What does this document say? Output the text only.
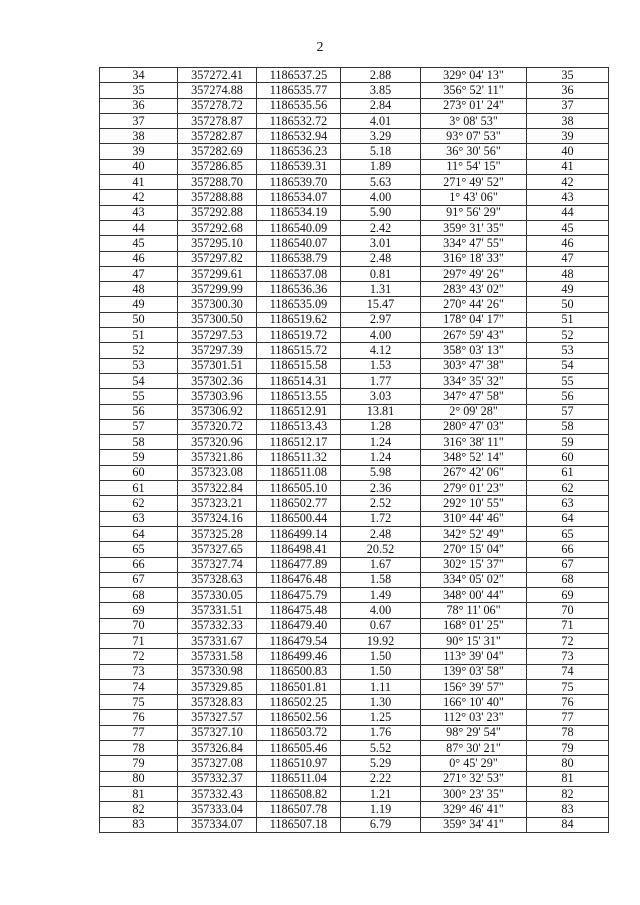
2
34	357272.41	1186537.25	2.88	329° 04' 13"	35
35	357274.88	1186535.77	3.85	356° 52' 11"	36
36	357278.72	1186535.56	2.84	273° 01' 24"	37
37	357278.87	1186532.72	4.01	3° 08' 53"	38
38	357282.87	1186532.94	3.29	93° 07' 53"	39
39	357282.69	1186536.23	5.18	36° 30' 56"	40
40	357286.85	1186539.31	1.89	11° 54' 15"	41
41	357288.70	1186539.70	5.63	271° 49' 52"	42
42	357288.88	1186534.07	4.00	1° 43' 06"	43
43	357292.88	1186534.19	5.90	91° 56' 29"	44
44	357292.68	1186540.09	2.42	359° 31' 35"	45
45	357295.10	1186540.07	3.01	334° 47' 55"	46
46	357297.82	1186538.79	2.48	316° 18' 33"	47
47	357299.61	1186537.08	0.81	297° 49' 26"	48
48	357299.99	1186536.36	1.31	283° 43' 02"	49
49	357300.30	1186535.09	15.47	270° 44' 26"	50
50	357300.50	1186519.62	2.97	178° 04' 17"	51
51	357297.53	1186519.72	4.00	267° 59' 43"	52
52	357297.39	1186515.72	4.12	358° 03' 13"	53
53	357301.51	1186515.58	1.53	303° 47' 38"	54
54	357302.36	1186514.31	1.77	334° 35' 32"	55
55	357303.96	1186513.55	3.03	347° 47' 58"	56
56	357306.92	1186512.91	13.81	2° 09' 28"	57
57	357320.72	1186513.43	1.28	280° 47' 03"	58
58	357320.96	1186512.17	1.24	316° 38' 11"	59
59	357321.86	1186511.32	1.24	348° 52' 14"	60
60	357323.08	1186511.08	5.98	267° 42' 06"	61
61	357322.84	1186505.10	2.36	279° 01' 23"	62
62	357323.21	1186502.77	2.52	292° 10' 55"	63
63	357324.16	1186500.44	1.72	310° 44' 46"	64
64	357325.28	1186499.14	2.48	342° 52' 49"	65
65	357327.65	1186498.41	20.52	270° 15' 04"	66
66	357327.74	1186477.89	1.67	302° 15' 37"	67
67	357328.63	1186476.48	1.58	334° 05' 02"	68
68	357330.05	1186475.79	1.49	348° 00' 44"	69
69	357331.51	1186475.48	4.00	78° 11' 06"	70
70	357332.33	1186479.40	0.67	168° 01' 25"	71
71	357331.67	1186479.54	19.92	90° 15' 31"	72
72	357331.58	1186499.46	1.50	113° 39' 04"	73
73	357330.98	1186500.83	1.50	139° 03' 58"	74
74	357329.85	1186501.81	1.11	156° 39' 57"	75
75	357328.83	1186502.25	1.30	166° 10' 40"	76
76	357327.57	1186502.56	1.25	112° 03' 23"	77
77	357327.10	1186503.72	1.76	98° 29' 54"	78
78	357326.84	1186505.46	5.52	87° 30' 21"	79
79	357327.08	1186510.97	5.29	0° 45' 29"	80
80	357332.37	1186511.04	2.22	271° 32' 53"	81
81	357332.43	1186508.82	1.21	300° 23' 35"	82
82	357333.04	1186507.78	1.19	329° 46' 41"	83
83	357334.07	1186507.18	6.79	359° 34' 41"	84
